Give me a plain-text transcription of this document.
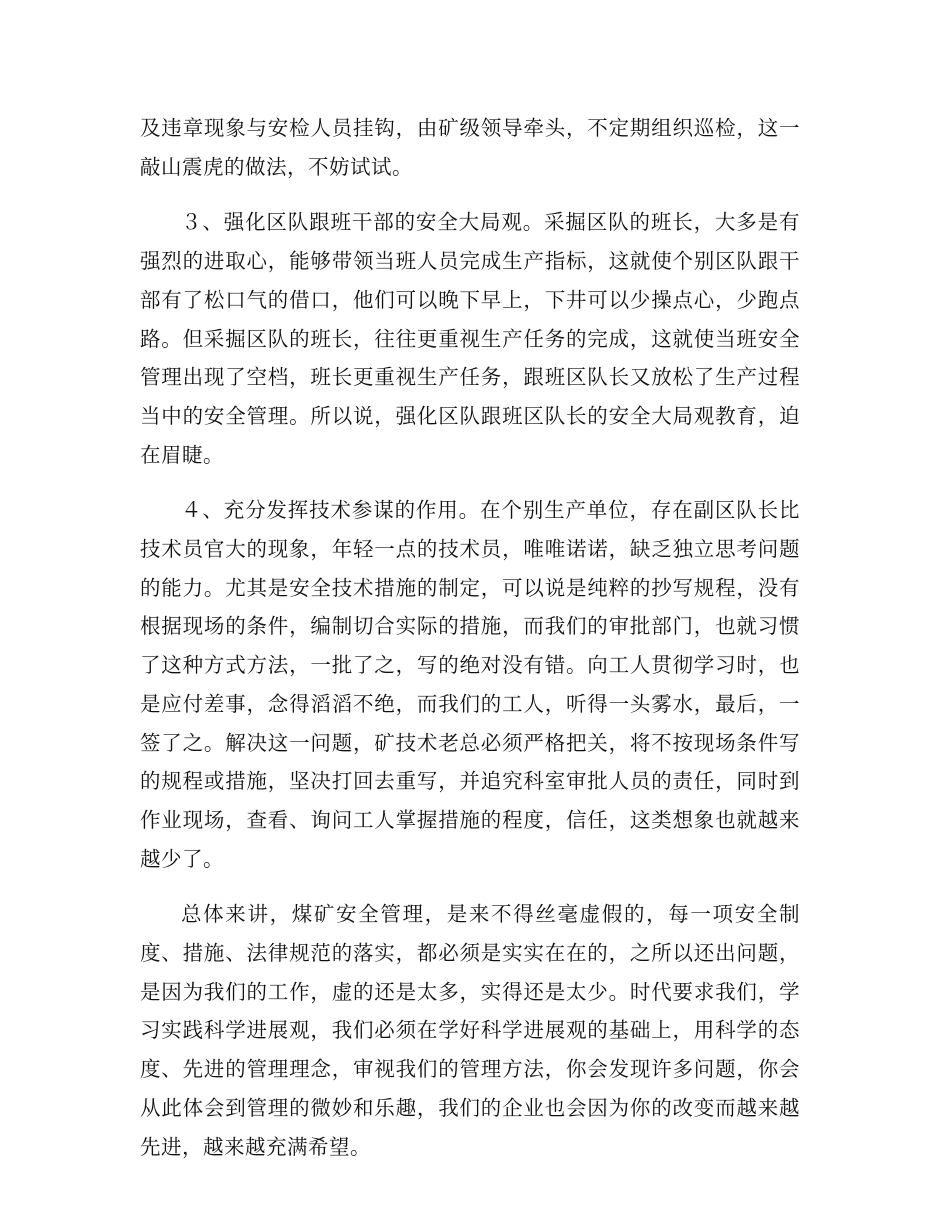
及违章现象与安检人员挂钩，由矿级领导牵头，不定期组织巡检，这一敲山震虎的做法，不妨试试。

３、强化区队跟班干部的安全大局观。采掘区队的班长，大多是有强烈的进取心，能够带领当班人员完成生产指标，这就使个别区队跟干部有了松口气的借口，他们可以晚下早上，下井可以少操点心，少跑点路。但采掘区队的班长，往往更重视生产任务的完成，这就使当班安全管理出现了空档，班长更重视生产任务，跟班区队长又放松了生产过程当中的安全管理。所以说，强化区队跟班区队长的安全大局观教育，迫在眉睫。

４、充分发挥技术参谋的作用。在个别生产单位，存在副区队长比技术员官大的现象，年轻一点的技术员，唯唯诺诺，缺乏独立思考问题的能力。尤其是安全技术措施的制定，可以说是纯粹的抄写规程，没有根据现场的条件，编制切合实际的措施，而我们的审批部门，也就习惯了这种方式方法，一批了之，写的绝对没有错。向工人贯彻学习时，也是应付差事，念得滔滔不绝，而我们的工人，听得一头雾水，最后，一签了之。解决这一问题，矿技术老总必须严格把关，将不按现场条件写的规程或措施，坚决打回去重写，并追究科室审批人员的责任，同时到作业现场，查看、询问工人掌握措施的程度，信任，这类想象也就越来越少了。

总体来讲，煤矿安全管理，是来不得丝毫虚假的，每一项安全制度、措施、法律规范的落实，都必须是实实在在的，之所以还出问题，是因为我们的工作，虚的还是太多，实得还是太少。时代要求我们，学习实践科学进展观，我们必须在学好科学进展观的基础上，用科学的态度、先进的管理理念，审视我们的管理方法，你会发现许多问题，你会从此体会到管理的微妙和乐趣，我们的企业也会因为你的改变而越来越先进，越来越充满希望。
